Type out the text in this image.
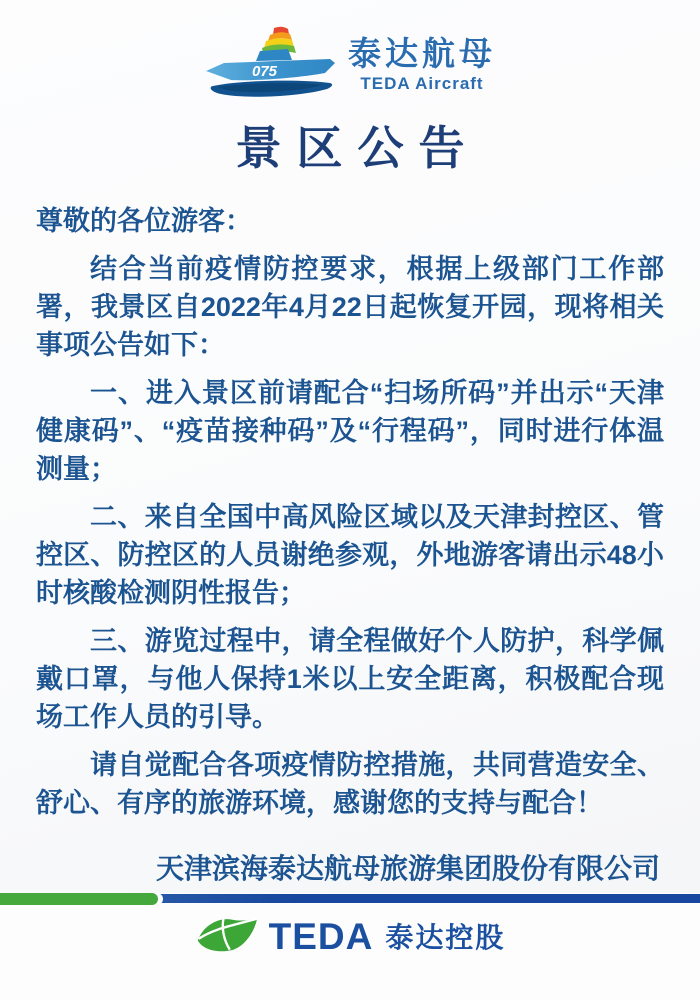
075 泰达航母
TEDA Aircraft
景区公告

尊敬的各位游客：

结合当前疫情防控要求，根据上级部门工作部署，我景区自2022年4月22日起恢复开园，现将相关事项公告如下：

一、进入景区前请配合“扫场所码”并出示“天津健康码”、“疫苗接种码”及“行程码”，同时进行体温测量；

二、来自全国中高风险区域以及天津封控区、管控区、防控区的人员谢绝参观，外地游客请出示48小时核酸检测阴性报告；

三、游览过程中，请全程做好个人防护，科学佩戴口罩，与他人保持1米以上安全距离，积极配合现场工作人员的引导。

请自觉配合各项疫情防控措施，共同营造安全、舒心、有序的旅游环境，感谢您的支持与配合！

天津滨海泰达航母旅游集团股份有限公司
TEDA 泰达控股
